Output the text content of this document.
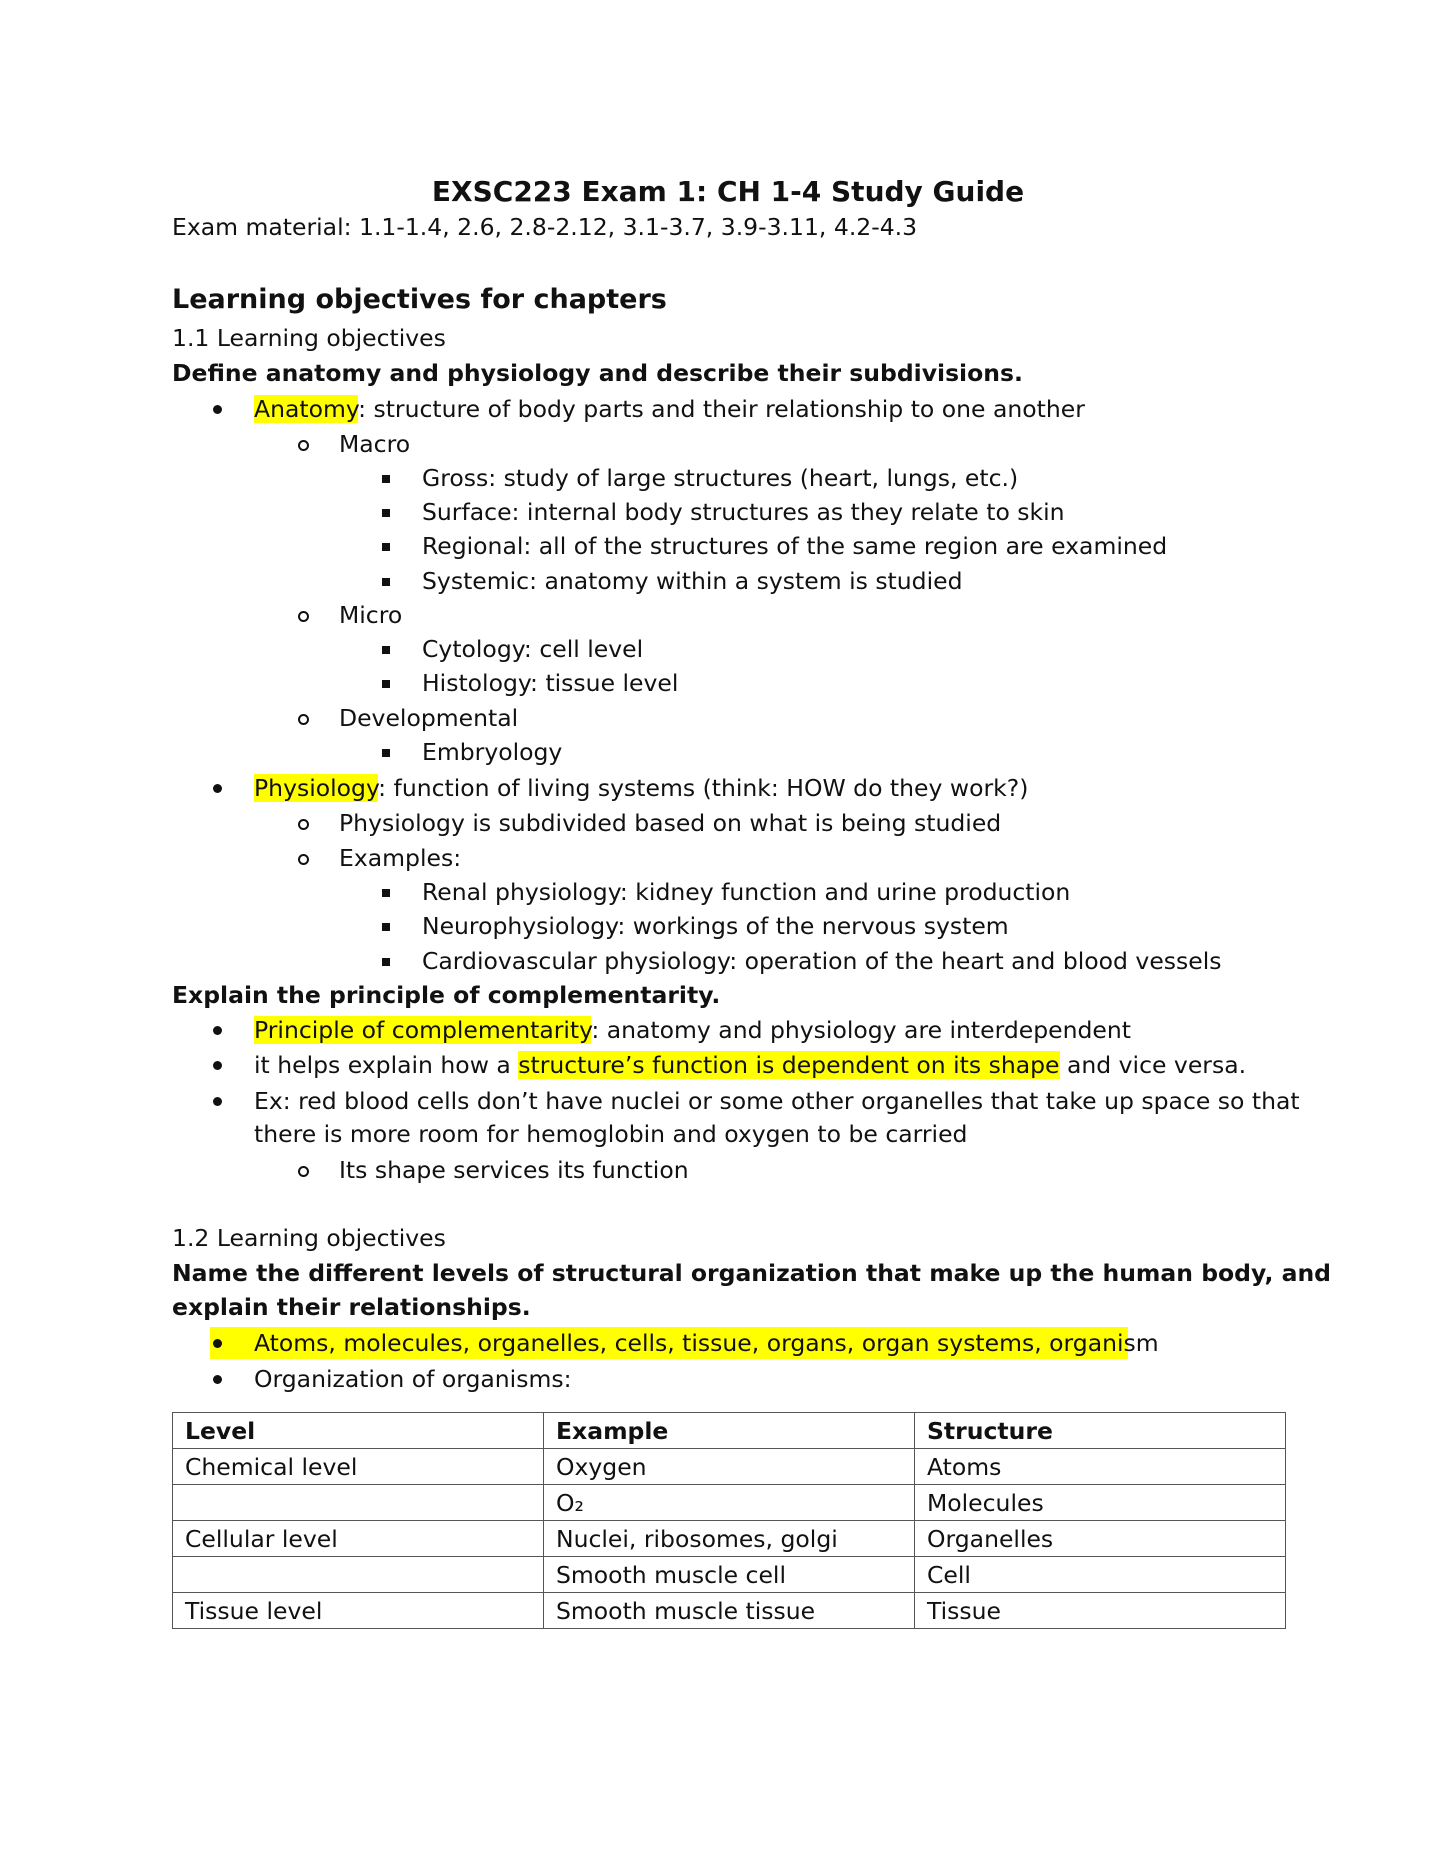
EXSC223 Exam 1: CH 1-4 Study Guide
Exam material: 1.1-1.4, 2.6, 2.8-2.12, 3.1-3.7, 3.9-3.11, 4.2-4.3
Learning objectives for chapters
1.1 Learning objectives
Define anatomy and physiology and describe their subdivisions.
Anatomy: structure of body parts and their relationship to one another
Macro
Gross: study of large structures (heart, lungs, etc.)
Surface: internal body structures as they relate to skin
Regional: all of the structures of the same region are examined
Systemic: anatomy within a system is studied
Micro
Cytology: cell level
Histology: tissue level
Developmental
Embryology
Physiology: function of living systems (think: HOW do they work?)
Physiology is subdivided based on what is being studied
Examples:
Renal physiology: kidney function and urine production
Neurophysiology: workings of the nervous system
Cardiovascular physiology: operation of the heart and blood vessels
Explain the principle of complementarity.
Principle of complementarity: anatomy and physiology are interdependent
it helps explain how a structure’s function is dependent on its shape and vice versa.
Ex: red blood cells don’t have nuclei or some other organelles that take up space so that
there is more room for hemoglobin and oxygen to be carried
Its shape services its function
1.2 Learning objectives
Name the different levels of structural organization that make up the human body, and
explain their relationships.
Atoms, molecules, organelles, cells, tissue, organs, organ systems, organism
Organization of organisms:
Level	Example	Structure
Chemical level	Oxygen	Atoms
	O₂	Molecules
Cellular level	Nuclei, ribosomes, golgi	Organelles
	Smooth muscle cell	Cell
Tissue level	Smooth muscle tissue	Tissue
